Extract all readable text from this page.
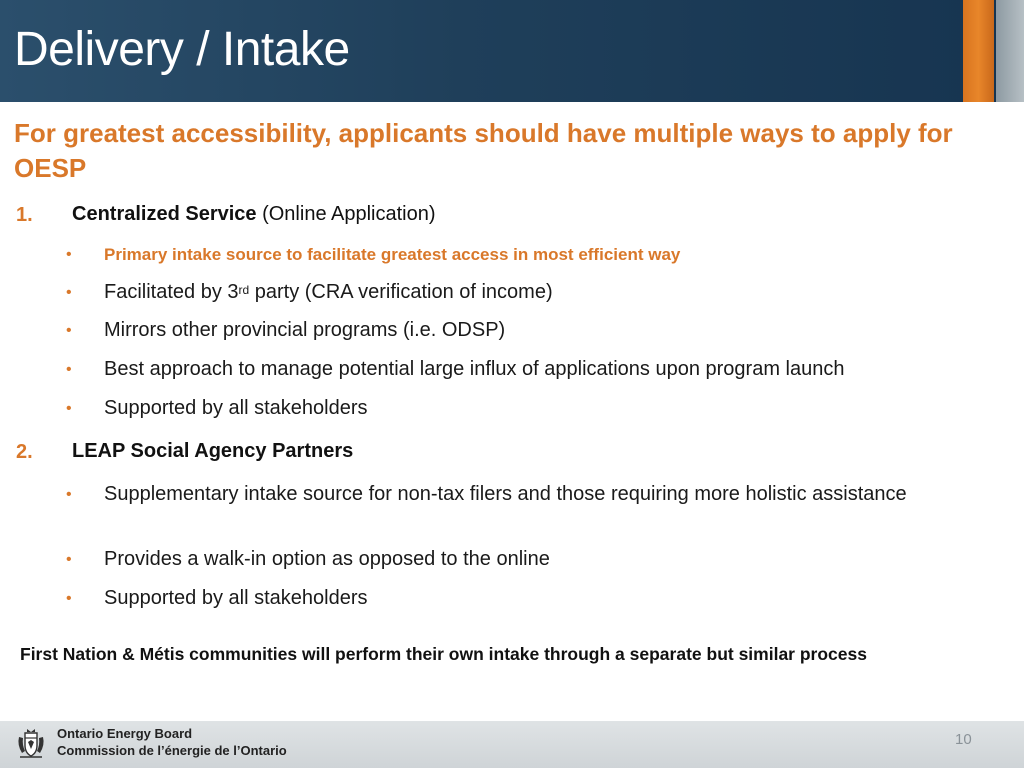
Delivery / Intake
For greatest accessibility, applicants should have multiple ways to apply for OESP
1. Centralized Service (Online Application)
• Primary intake source to facilitate greatest access in most efficient way
• Facilitated by 3rd party (CRA verification of income)
• Mirrors other provincial programs (i.e. ODSP)
• Best approach to manage potential large influx of applications upon program launch
• Supported by all stakeholders
2. LEAP Social Agency Partners
• Supplementary intake source for non-tax filers and those requiring more holistic assistance
• Provides a walk-in option as opposed to the online
• Supported by all stakeholders
First Nation & Métis communities will perform their own intake through a separate but similar process
Ontario Energy Board
Commission de l’énergie de l’Ontario
10
